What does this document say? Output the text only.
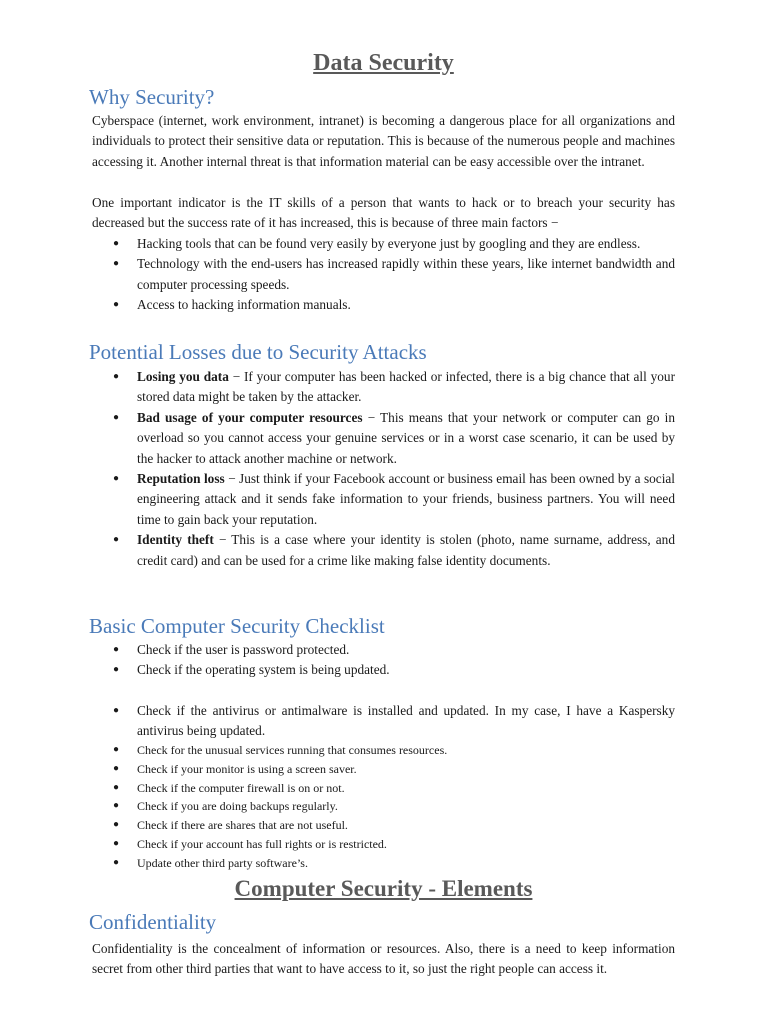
Data Security
Why Security?

Cyberspace (internet, work environment, intranet) is becoming a dangerous place for all organizations and individuals to protect their sensitive data or reputation. This is because of the numerous people and machines accessing it. Another internal threat is that information material can be easy accessible over the intranet.

One important indicator is the IT skills of a person that wants to hack or to breach your security has decreased but the success rate of it has increased, this is because of three main factors −

● Hacking tools that can be found very easily by everyone just by googling and they are endless.
● Technology with the end-users has increased rapidly within these years, like internet bandwidth and computer processing speeds.
● Access to hacking information manuals.
Potential Losses due to Security Attacks
● Losing you data − If your computer has been hacked or infected, there is a big chance that all your stored data might be taken by the attacker.
● Bad usage of your computer resources − This means that your network or computer can go in overload so you cannot access your genuine services or in a worst case scenario, it can be used by the hacker to attack another machine or network.
● Reputation loss − Just think if your Facebook account or business email has been owned by a social engineering attack and it sends fake information to your friends, business partners. You will need time to gain back your reputation.
● Identity theft − This is a case where your identity is stolen (photo, name surname, address, and credit card) and can be used for a crime like making false identity documents.
Basic Computer Security Checklist
● Check if the user is password protected.
● Check if the operating system is being updated.
● Check if the antivirus or antimalware is installed and updated. In my case, I have a Kaspersky antivirus being updated.
● Check for the unusual services running that consumes resources.
● Check if your monitor is using a screen saver.
● Check if the computer firewall is on or not.
● Check if you are doing backups regularly.
● Check if there are shares that are not useful.
● Check if your account has full rights or is restricted.
● Update other third party software’s.
Computer Security - Elements
Confidentiality

Confidentiality is the concealment of information or resources. Also, there is a need to keep information secret from other third parties that want to have access to it, so just the right people can access it.
